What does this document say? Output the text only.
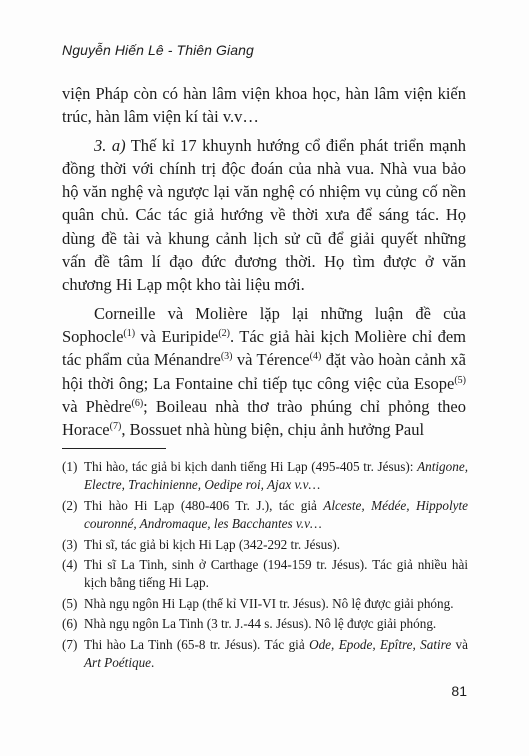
Nguyễn Hiến Lê - Thiên Giang

viện Pháp còn có hàn lâm viện khoa học, hàn lâm viện kiến trúc, hàn lâm viện kí tài v.v…

3. a) Thế kỉ 17 khuynh hướng cổ điển phát triển mạnh đồng thời với chính trị độc đoán của nhà vua. Nhà vua bảo hộ văn nghệ và ngược lại văn nghệ có nhiệm vụ củng cố nền quân chủ. Các tác giả hướng về thời xưa để sáng tác. Họ dùng đề tài và khung cảnh lịch sử cũ để giải quyết những vấn đề tâm lí đạo đức đương thời. Họ tìm được ở văn chương Hi Lạp một kho tài liệu mới.

Corneille và Molière lặp lại những luận đề của Sophocle$^{(1)}$ và Euripide$^{(2)}$. Tác giả hài kịch Molière chỉ đem tác phẩm của Ménandre$^{(3)}$ và Térence$^{(4)}$ đặt vào hoàn cảnh xã hội thời ông; La Fontaine chỉ tiếp tục công việc của Esope$^{(5)}$ và Phèdre$^{(6)}$; Boileau nhà thơ trào phúng chỉ phỏng theo Horace$^{(7)}$, Bossuet nhà hùng biện, chịu ảnh hưởng Paul

(1) Thi hào, tác giả bi kịch danh tiếng Hi Lạp (495-405 tr. Jésus): Antigone, Electre, Trachinienne, Oedipe roi, Ajax v.v…
(2) Thi hào Hi Lạp (480-406 Tr. J.), tác giả Alceste, Médée, Hippolyte couronné, Andromaque, les Bacchantes v.v…
(3) Thi sĩ, tác giả bi kịch Hi Lạp (342-292 tr. Jésus).
(4) Thi sĩ La Tinh, sinh ở Carthage (194-159 tr. Jésus). Tác giả nhiều hài kịch bằng tiếng Hi Lạp.
(5) Nhà ngụ ngôn Hi Lạp (thế kỉ VII-VI tr. Jésus). Nô lệ được giải phóng.
(6) Nhà ngụ ngôn La Tinh (3 tr. J.-44 s. Jésus). Nô lệ được giải phóng.
(7) Thi hào La Tinh (65-8 tr. Jésus). Tác giả Ode, Epode, Epître, Satire và Art Poétique.
81
